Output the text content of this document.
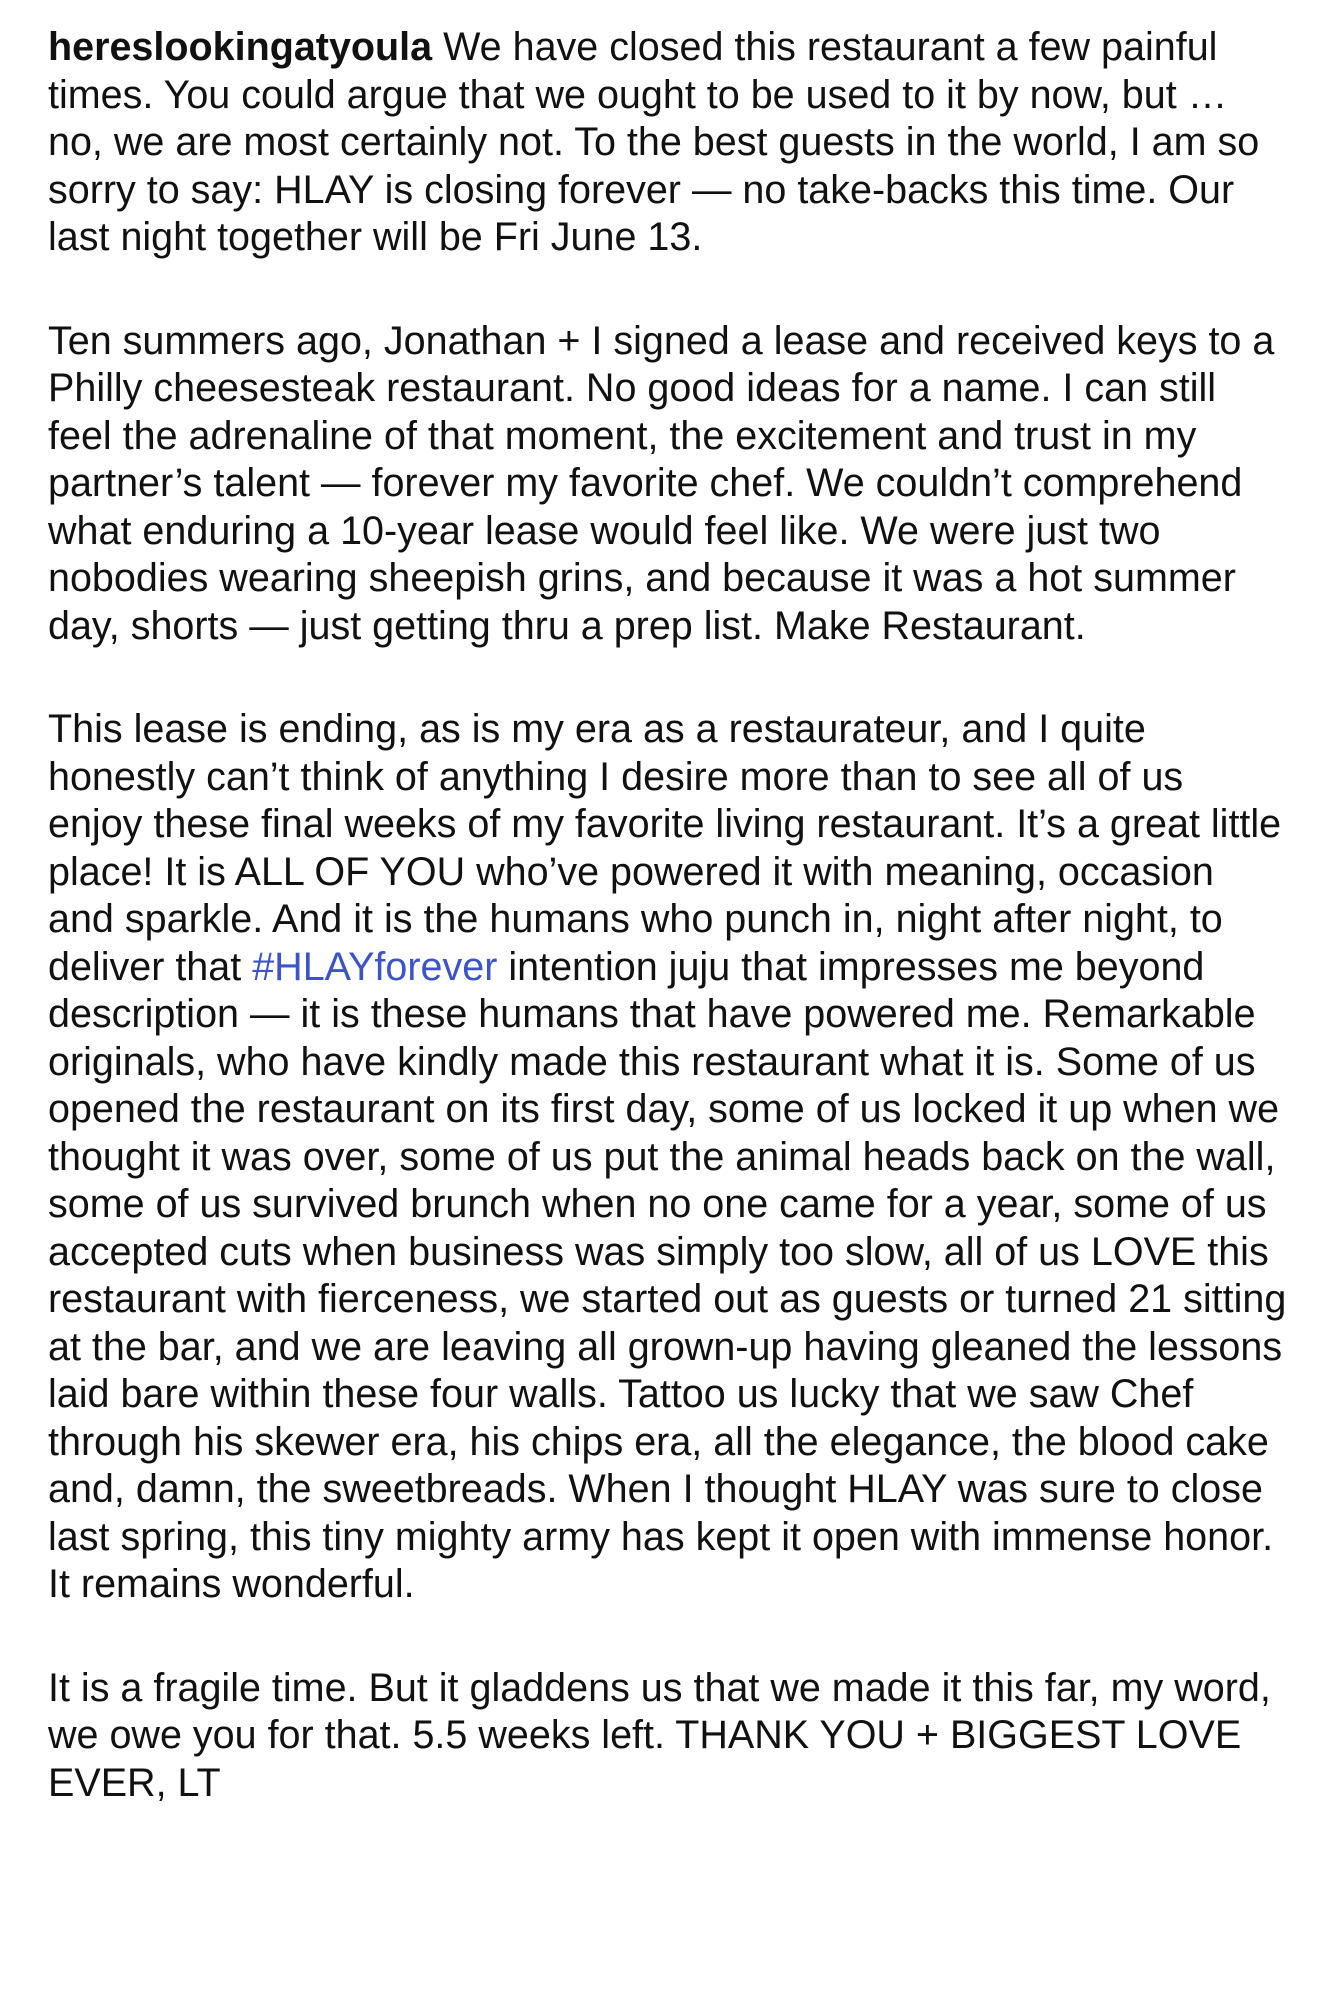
hereslookingatyoula We have closed this restaurant a few painful times. You could argue that we ought to be used to it by now, but … no, we are most certainly not. To the best guests in the world, I am so sorry to say: HLAY is closing forever — no take-backs this time. Our last night together will be Fri June 13.

Ten summers ago, Jonathan + I signed a lease and received keys to a Philly cheesesteak restaurant. No good ideas for a name. I can still feel the adrenaline of that moment, the excitement and trust in my partner’s talent — forever my favorite chef. We couldn’t comprehend what enduring a 10-year lease would feel like. We were just two nobodies wearing sheepish grins, and because it was a hot summer day, shorts — just getting thru a prep list. Make Restaurant.

This lease is ending, as is my era as a restaurateur, and I quite honestly can’t think of anything I desire more than to see all of us enjoy these final weeks of my favorite living restaurant. It’s a great little place! It is ALL OF YOU who’ve powered it with meaning, occasion and sparkle. And it is the humans who punch in, night after night, to deliver that #HLAYforever intention juju that impresses me beyond description — it is these humans that have powered me. Remarkable originals, who have kindly made this restaurant what it is. Some of us opened the restaurant on its first day, some of us locked it up when we thought it was over, some of us put the animal heads back on the wall, some of us survived brunch when no one came for a year, some of us accepted cuts when business was simply too slow, all of us LOVE this restaurant with fierceness, we started out as guests or turned 21 sitting at the bar, and we are leaving all grown-up having gleaned the lessons laid bare within these four walls. Tattoo us lucky that we saw Chef through his skewer era, his chips era, all the elegance, the blood cake and, damn, the sweetbreads. When I thought HLAY was sure to close last spring, this tiny mighty army has kept it open with immense honor. It remains wonderful.

It is a fragile time. But it gladdens us that we made it this far, my word, we owe you for that. 5.5 weeks left. THANK YOU + BIGGEST LOVE EVER, LT
